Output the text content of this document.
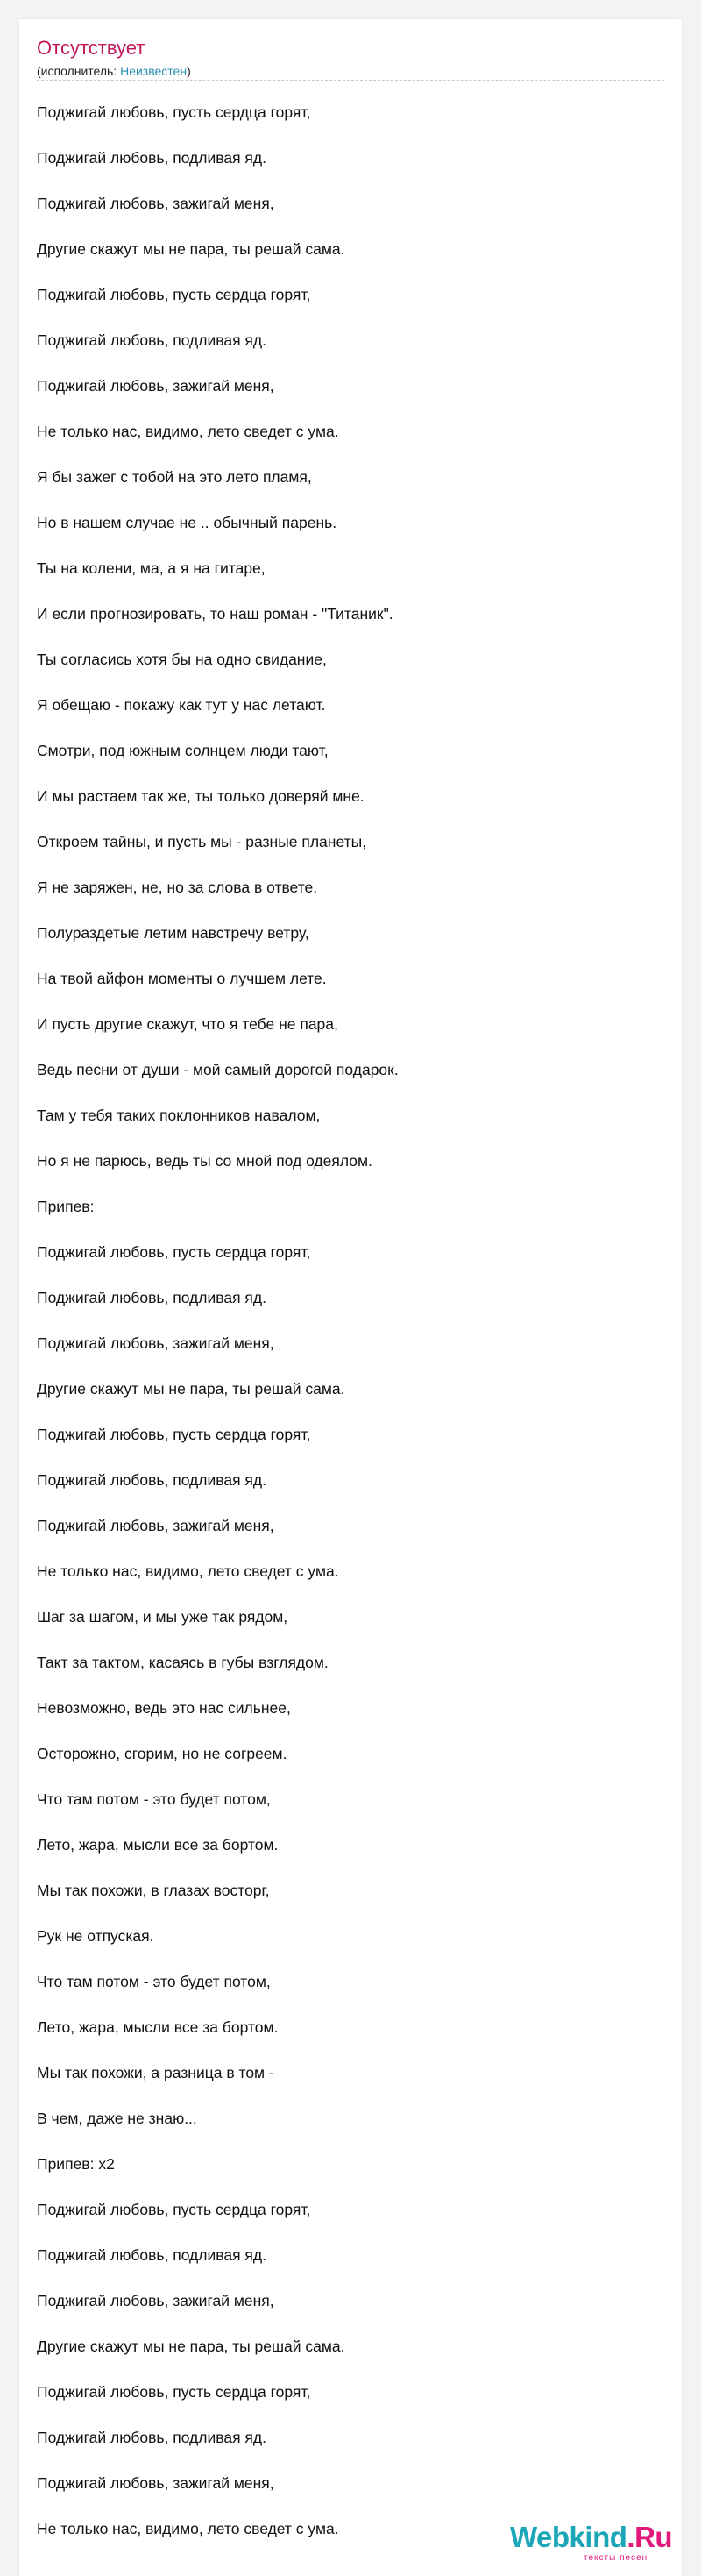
Отсутствует
(исполнитель: Неизвестен)
Поджигай любовь, пусть сердца горят,
Поджигай любовь, подливая яд.
Поджигай любовь, зажигай меня,
Другие скажут мы не пара, ты решай сама.
Поджигай любовь, пусть сердца горят,
Поджигай любовь, подливая яд.
Поджигай любовь, зажигай меня,
Не только нас, видимо, лето сведет с ума.
Я бы зажег с тобой на это лето пламя,
Но в нашем случае не .. обычный парень.
Ты на колени, ма, а я на гитаре,
И если прогнозировать, то наш роман - "Титаник".
Ты согласись хотя бы на одно свидание,
Я обещаю - покажу как тут у нас летают.
Смотри, под южным солнцем люди тают,
И мы растаем так же, ты только доверяй мне.
Откроем тайны, и пусть мы - разные планеты,
Я не заряжен, не, но за слова в ответе.
Полураздетые летим навстречу ветру,
На твой айфон моменты о лучшем лете.
И пусть другие скажут, что я тебе не пара,
Ведь песни от души - мой самый дорогой подарок.
Там у тебя таких поклонников навалом,
Но я не парюсь, ведь ты со мной под одеялом.
Припев:
Поджигай любовь, пусть сердца горят,
Поджигай любовь, подливая яд.
Поджигай любовь, зажигай меня,
Другие скажут мы не пара, ты решай сама.
Поджигай любовь, пусть сердца горят,
Поджигай любовь, подливая яд.
Поджигай любовь, зажигай меня,
Не только нас, видимо, лето сведет с ума.
Шаг за шагом, и мы уже так рядом,
Такт за тактом, касаясь в губы взглядом.
Невозможно, ведь это нас сильнее,
Осторожно, сгорим, но не согреем.
Что там потом - это будет потом,
Лето, жара, мысли все за бортом.
Мы так похожи, в глазах восторг,
Рук не отпуская.
Что там потом - это будет потом,
Лето, жара, мысли все за бортом.
Мы так похожи, а разница в том -
В чем, даже не знаю...
Припев: x2
Поджигай любовь, пусть сердца горят,
Поджигай любовь, подливая яд.
Поджигай любовь, зажигай меня,
Другие скажут мы не пара, ты решай сама.
Поджигай любовь, пусть сердца горят,
Поджигай любовь, подливая яд.
Поджигай любовь, зажигай меня,
Не только нас, видимо, лето сведет с ума.	Webkind.Ru
тексты песен
